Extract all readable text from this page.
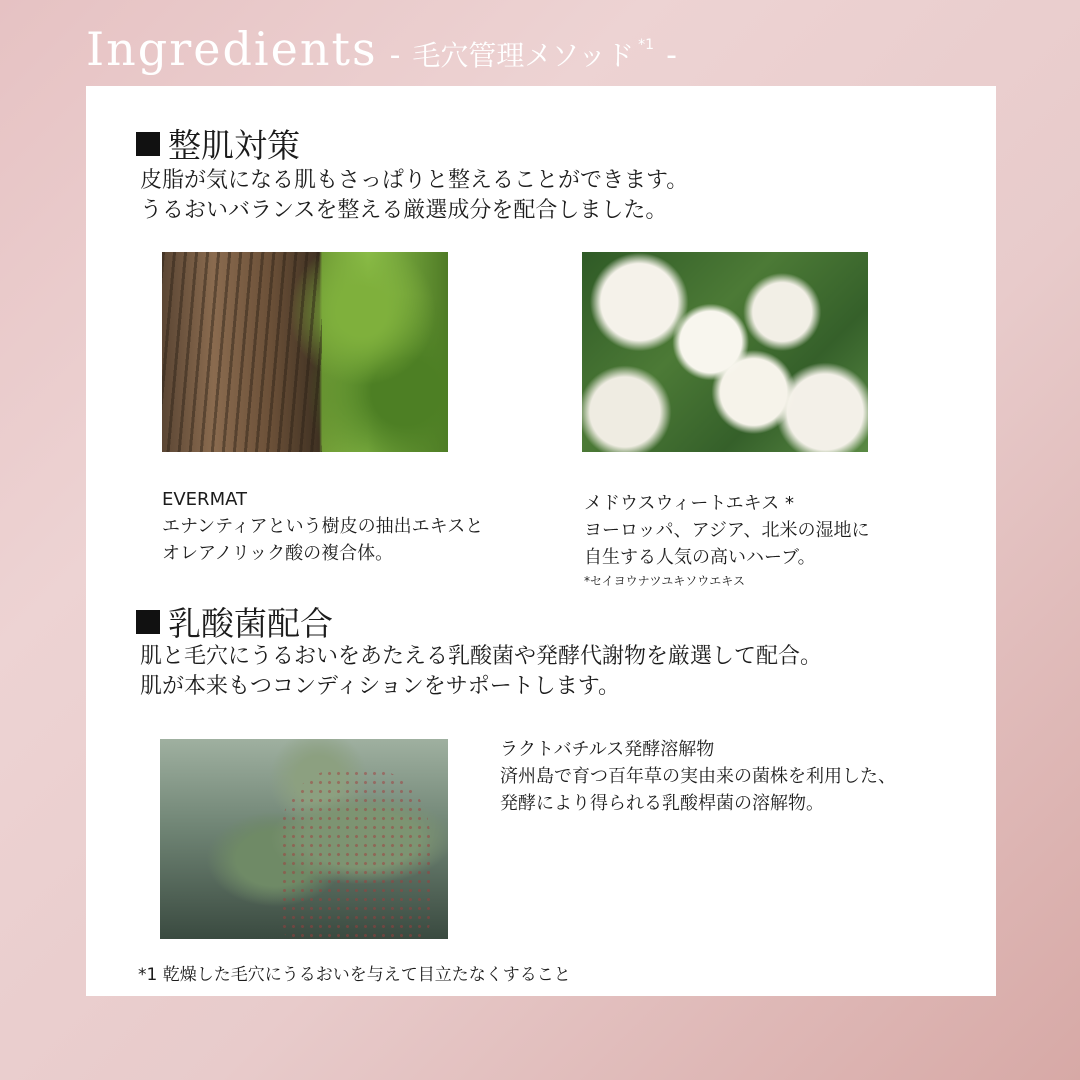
Ingredients - 毛穴管理メソッド *1 -
整肌対策
皮脂が気になる肌もさっぱりと整えることができます。
うるおいバランスを整える厳選成分を配合しました。
EVERMAT
エナンティアという樹皮の抽出エキスと
オレアノリック酸の複合体。
メドウスウィートエキス *
ヨーロッパ、アジア、北米の湿地に
自生する人気の高いハーブ。
*セイヨウナツユキソウエキス
乳酸菌配合
肌と毛穴にうるおいをあたえる乳酸菌や発酵代謝物を厳選して配合。
肌が本来もつコンディションをサポートします。
ラクトバチルス発酵溶解物
済州島で育つ百年草の実由来の菌株を利用した、
発酵により得られる乳酸桿菌の溶解物。
*1 乾燥した毛穴にうるおいを与えて目立たなくすること
